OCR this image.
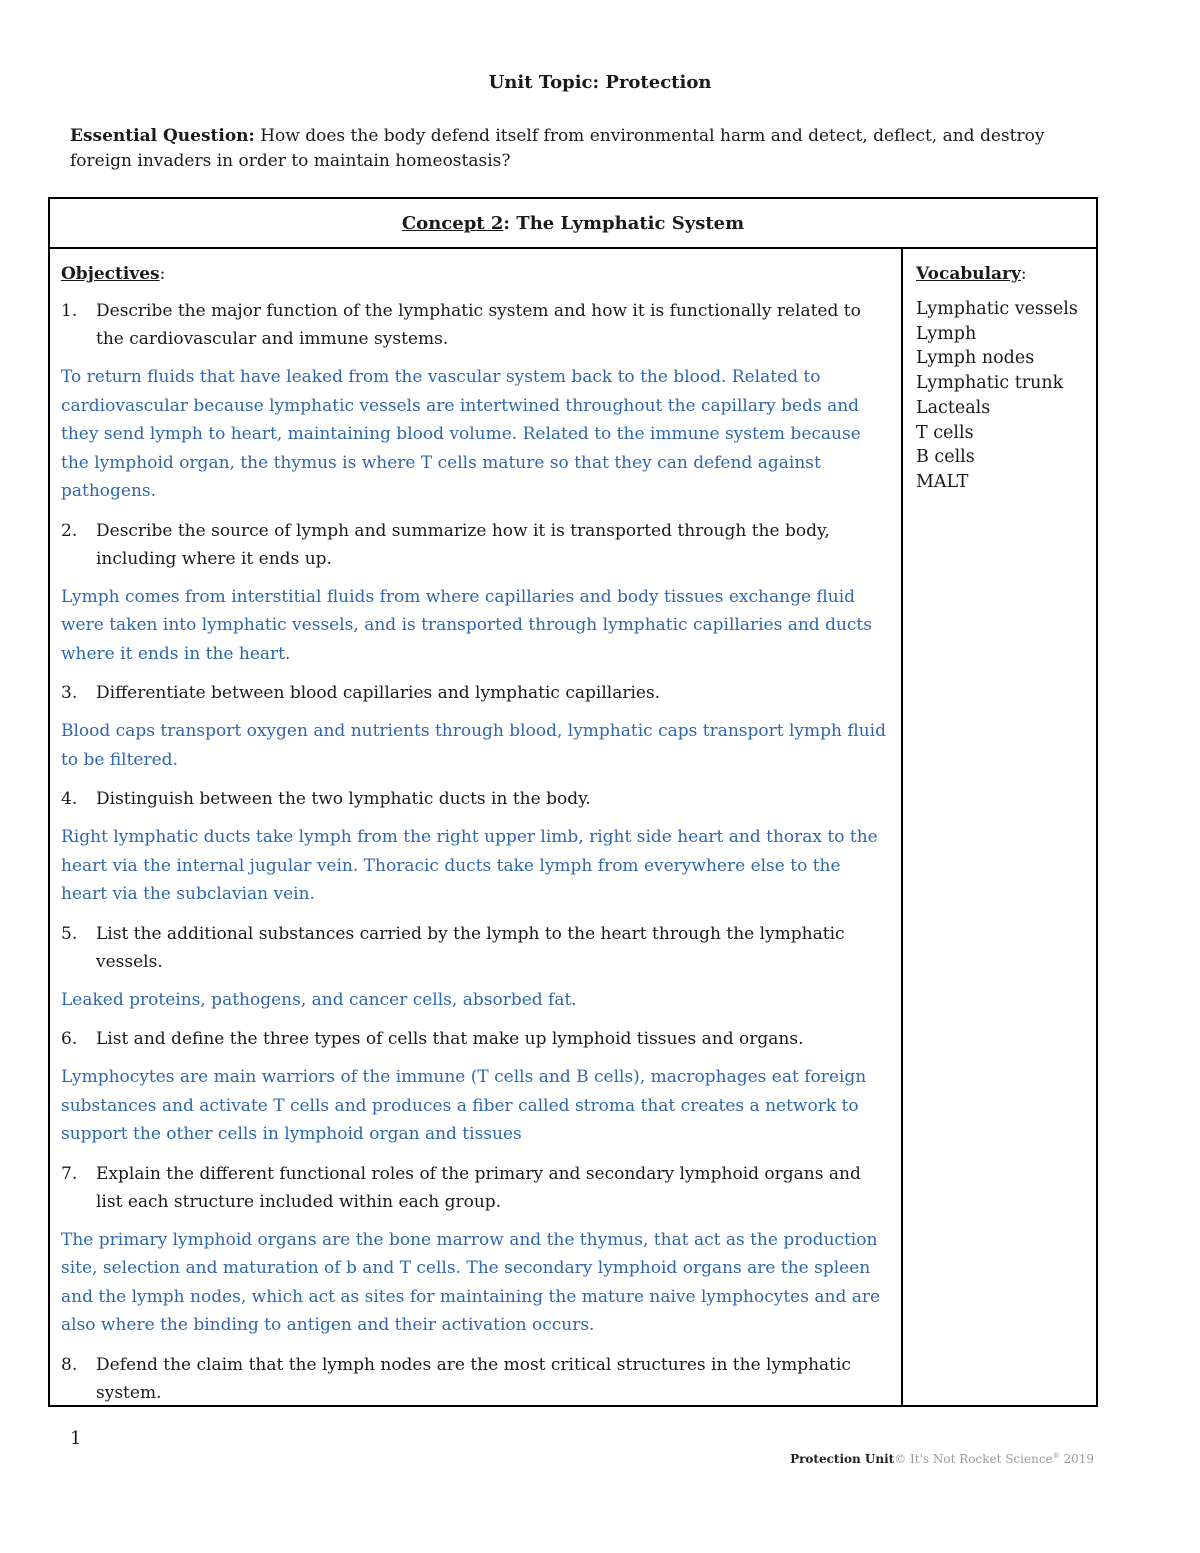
Unit Topic: Protection
Essential Question: How does the body defend itself from environmental harm and detect, deflect, and destroy foreign invaders in order to maintain homeostasis?
Concept 2: The Lymphatic System
Objectives:
1.	Describe the major function of the lymphatic system and how it is functionally related to the cardiovascular and immune systems.
To return fluids that have leaked from the vascular system back to the blood. Related to cardiovascular because lymphatic vessels are intertwined throughout the capillary beds and they send lymph to heart, maintaining blood volume. Related to the immune system because the lymphoid organ, the thymus is where T cells mature so that they can defend against pathogens.
2.	Describe the source of lymph and summarize how it is transported through the body, including where it ends up.
Lymph comes from interstitial fluids from where capillaries and body tissues exchange fluid were taken into lymphatic vessels, and is transported through lymphatic capillaries and ducts where it ends in the heart.
3.	Differentiate between blood capillaries and lymphatic capillaries.
Blood caps transport oxygen and nutrients through blood, lymphatic caps transport lymph fluid to be filtered.
4.	Distinguish between the two lymphatic ducts in the body.
Right lymphatic ducts take lymph from the right upper limb, right side heart and thorax to the heart via the internal jugular vein. Thoracic ducts take lymph from everywhere else to the heart via the subclavian vein.
5.	List the additional substances carried by the lymph to the heart through the lymphatic vessels.
Leaked proteins, pathogens, and cancer cells, absorbed fat.
6.	List and define the three types of cells that make up lymphoid tissues and organs.
Lymphocytes are main warriors of the immune (T cells and B cells), macrophages eat foreign substances and activate T cells and produces a fiber called stroma that creates a network to support the other cells in lymphoid organ and tissues
7.	Explain the different functional roles of the primary and secondary lymphoid organs and list each structure included within each group.
The primary lymphoid organs are the bone marrow and the thymus, that act as the production site, selection and maturation of b and T cells. The secondary lymphoid organs are the spleen and the lymph nodes, which act as sites for maintaining the mature naive lymphocytes and are also where the binding to antigen and their activation occurs.
8.	Defend the claim that the lymph nodes are the most critical structures in the lymphatic system.
Vocabulary:
Lymphatic vessels
Lymph
Lymph nodes
Lymphatic trunk
Lacteals
T cells
B cells
MALT
1
Protection Unit© It's Not Rocket Science® 2019
